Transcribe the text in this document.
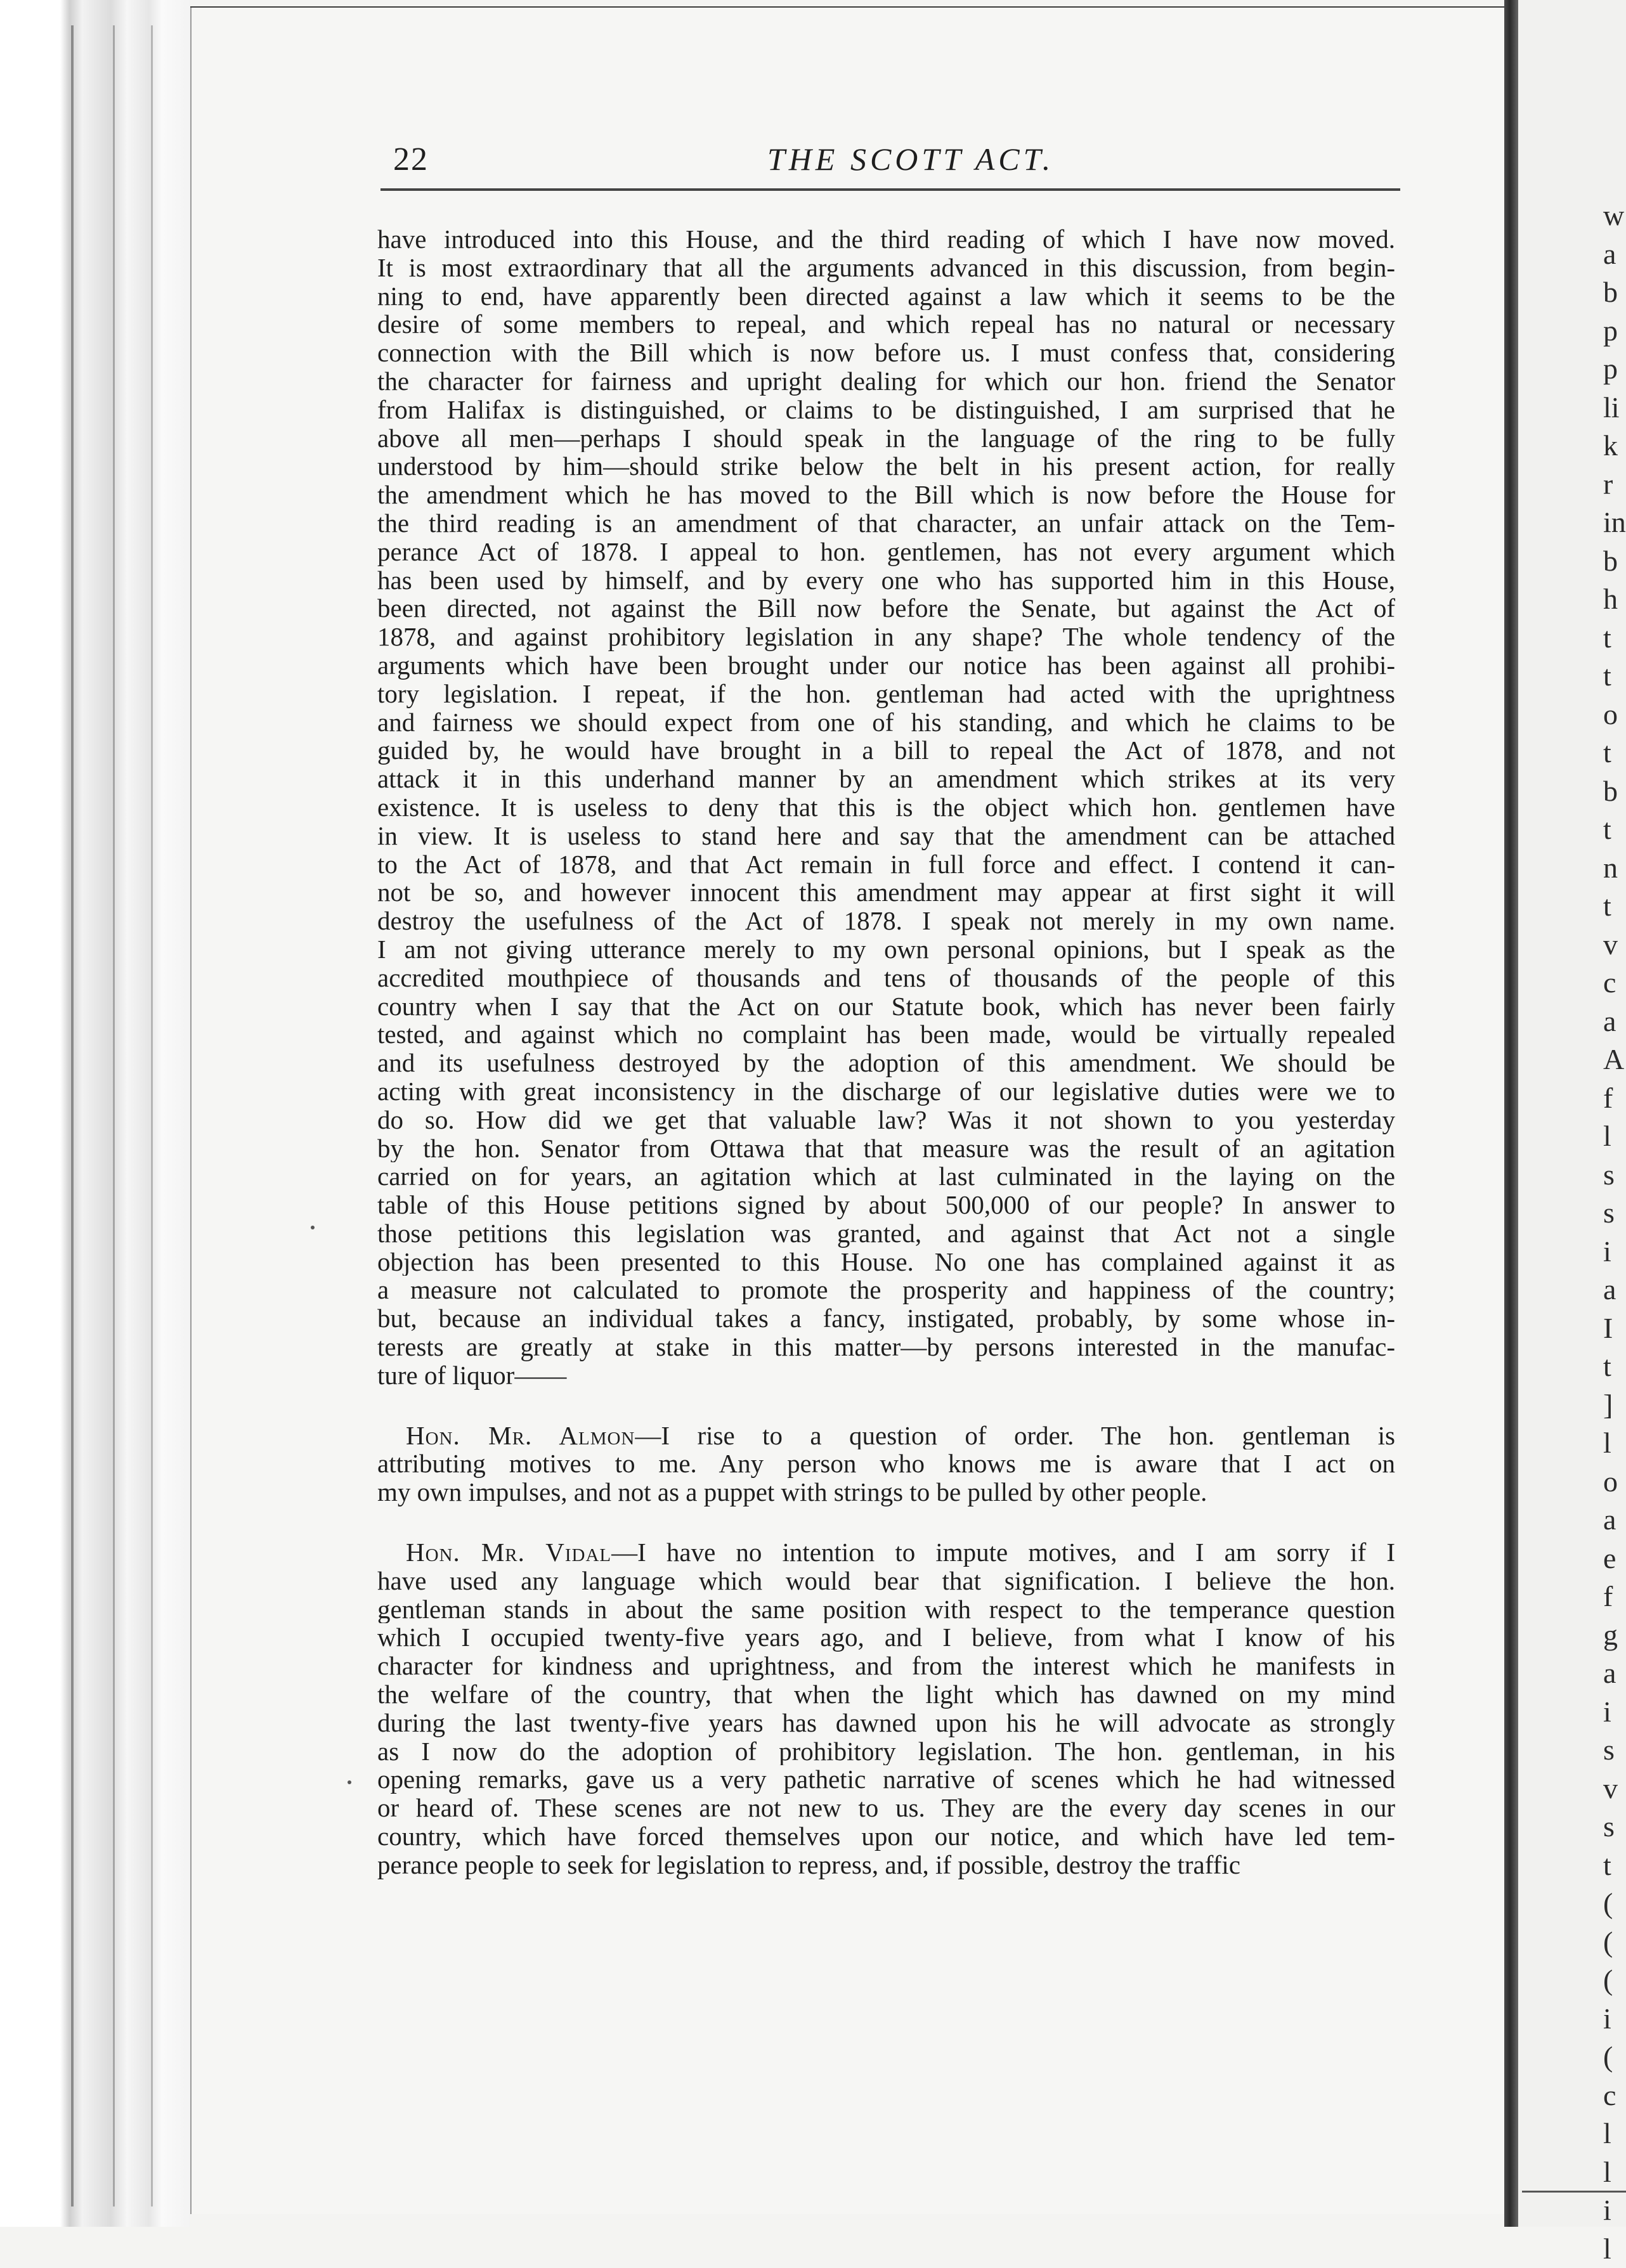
w
a
b
p
p
li
k
r
in
b
h
t
t
o
t
b
t
n
t
v
c
a
A
f
l
s
s
i
a
I
t
]
l
o
a
e
f
g
a
i
s
v
s
t
(
(
(
i
(
c
l
l
i
l
22	THE SCOTT ACT.
have introduced into this House, and the third reading of which I have now moved.
It is most extraordinary that all the arguments advanced in this discussion, from begin-
ning to end, have apparently been directed against a law which it seems to be the
desire of some members to repeal, and which repeal has no natural or necessary
connection with the Bill which is now before us. I must confess that, considering
the character for fairness and upright dealing for which our hon. friend the Senator
from Halifax is distinguished, or claims to be distinguished, I am surprised that he
above all men—perhaps I should speak in the language of the ring to be fully
understood by him—should strike below the belt in his present action, for really
the amendment which he has moved to the Bill which is now before the House for
the third reading is an amendment of that character, an unfair attack on the Tem-
perance Act of 1878. I appeal to hon. gentlemen, has not every argument which
has been used by himself, and by every one who has supported him in this House,
been directed, not against the Bill now before the Senate, but against the Act of
1878, and against prohibitory legislation in any shape? The whole tendency of the
arguments which have been brought under our notice has been against all prohibi-
tory legislation. I repeat, if the hon. gentleman had acted with the uprightness
and fairness we should expect from one of his standing, and which he claims to be
guided by, he would have brought in a bill to repeal the Act of 1878, and not
attack it in this underhand manner by an amendment which strikes at its very
existence. It is useless to deny that this is the object which hon. gentlemen have
in view. It is useless to stand here and say that the amendment can be attached
to the Act of 1878, and that Act remain in full force and effect. I contend it can-
not be so, and however innocent this amendment may appear at first sight it will
destroy the usefulness of the Act of 1878. I speak not merely in my own name.
I am not giving utterance merely to my own personal opinions, but I speak as the
accredited mouthpiece of thousands and tens of thousands of the people of this
country when I say that the Act on our Statute book, which has never been fairly
tested, and against which no complaint has been made, would be virtually repealed
and its usefulness destroyed by the adoption of this amendment. We should be
acting with great inconsistency in the discharge of our legislative duties were we to
do so. How did we get that valuable law? Was it not shown to you yesterday
by the hon. Senator from Ottawa that that measure was the result of an agitation
carried on for years, an agitation which at last culminated in the laying on the
table of this House petitions signed by about 500,000 of our people? In answer to
those petitions this legislation was granted, and against that Act not a single
objection has been presented to this House. No one has complained against it as
a measure not calculated to promote the prosperity and happiness of the country;
but, because an individual takes a fancy, instigated, probably, by some whose in-
terests are greatly at stake in this matter—by persons interested in the manufac-
ture of liquor——
Hon. Mr. Almon—I rise to a question of order. The hon. gentleman is
attributing motives to me. Any person who knows me is aware that I act on
my own impulses, and not as a puppet with strings to be pulled by other people.
Hon. Mr. Vidal—I have no intention to impute motives, and I am sorry if I
have used any language which would bear that signification. I believe the hon.
gentleman stands in about the same position with respect to the temperance question
which I occupied twenty-five years ago, and I believe, from what I know of his
character for kindness and uprightness, and from the interest which he manifests in
the welfare of the country, that when the light which has dawned on my mind
during the last twenty-five years has dawned upon his he will advocate as strongly
as I now do the adoption of prohibitory legislation. The hon. gentleman, in his
opening remarks, gave us a very pathetic narrative of scenes which he had witnessed
or heard of. These scenes are not new to us. They are the every day scenes in our
country, which have forced themselves upon our notice, and which have led tem-
perance people to seek for legislation to repress, and, if possible, destroy the traffic
